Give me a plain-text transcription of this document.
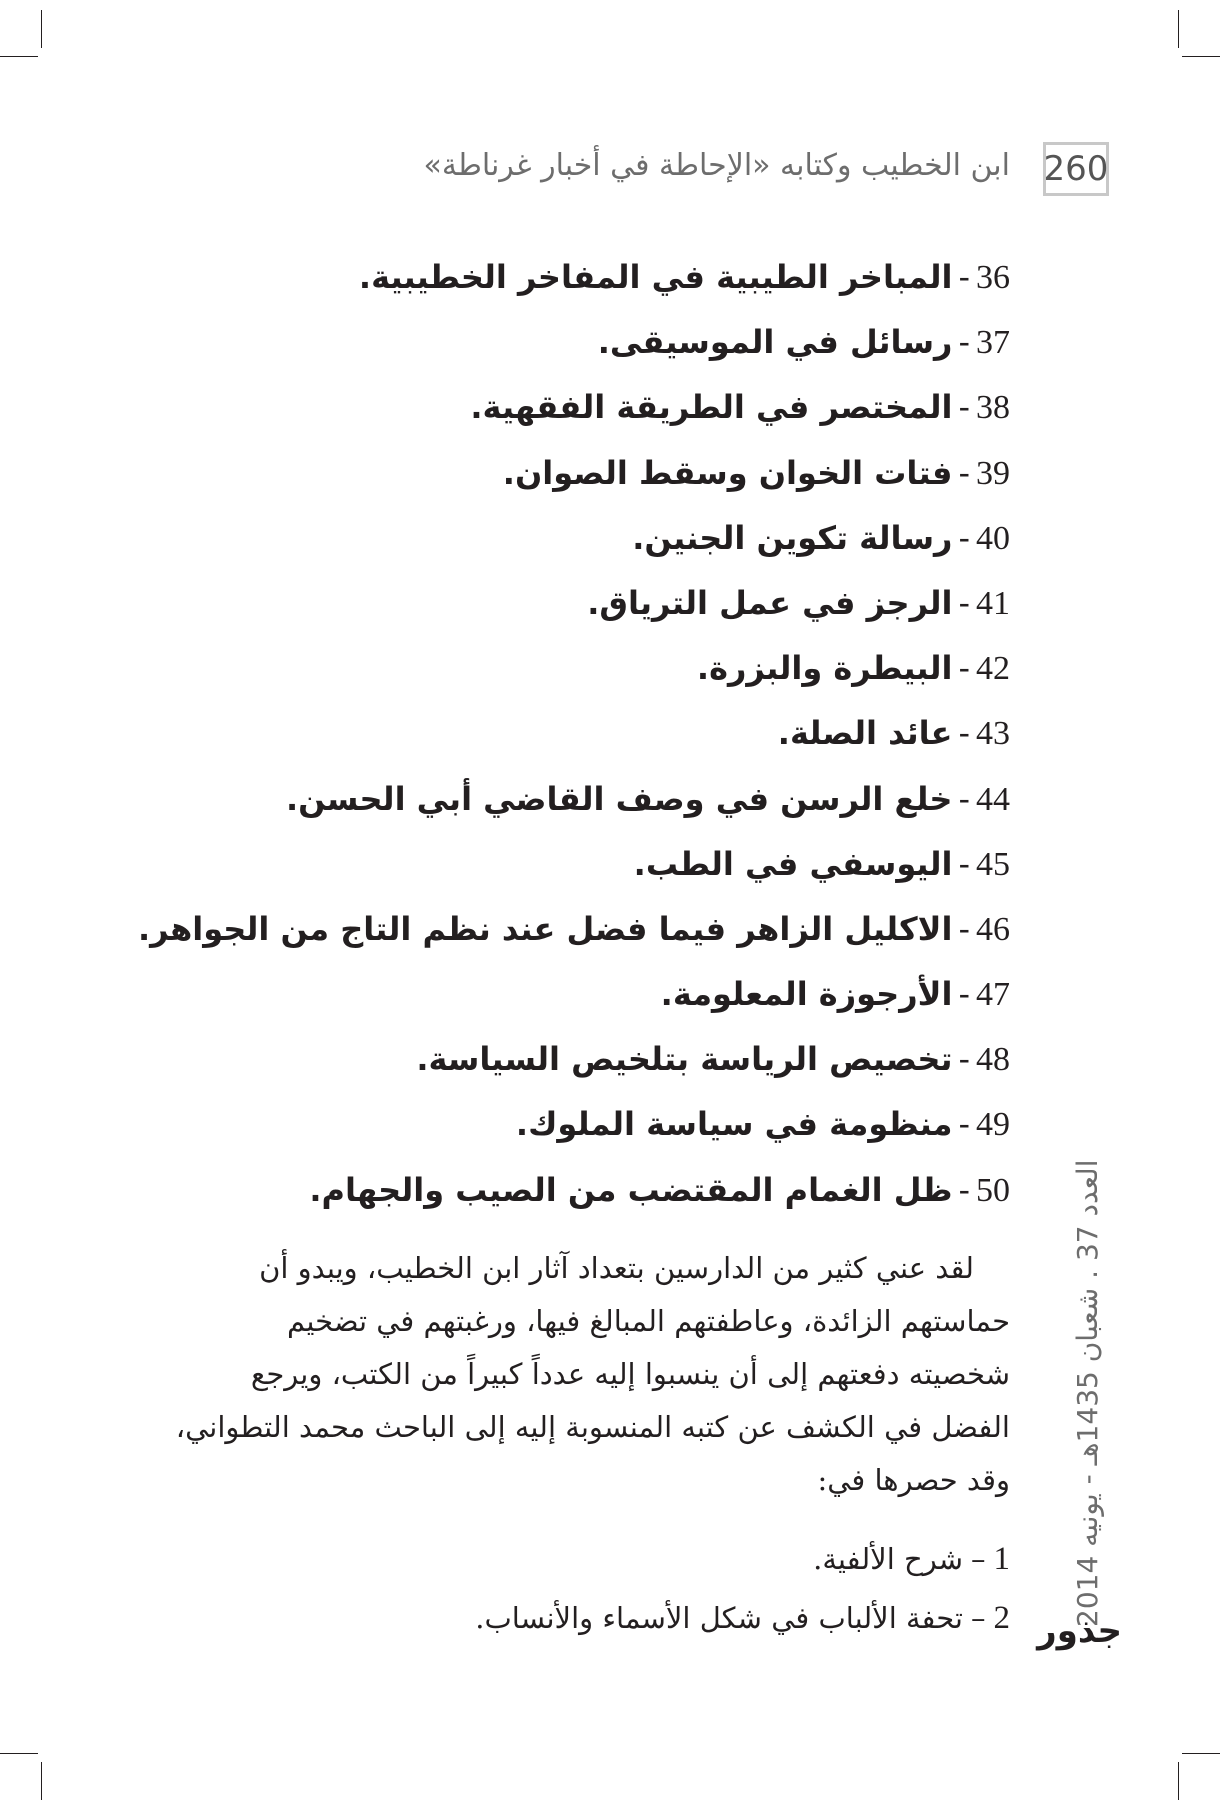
260
ابن الخطيب وكتابه «الإحاطة في أخبار غرناطة»
36-المباخر الطيبية في المفاخر الخطيبية.
37-رسائل في الموسيقى.
38-المختصر في الطريقة الفقهية.
39-فتات الخوان وسقط الصوان.
40-رسالة تكوين الجنين.
41-الرجز في عمل الترياق.
42-البيطرة والبزرة.
43-عائد الصلة.
44-خلع الرسن في وصف القاضي أبي الحسن.
45-اليوسفي في الطب.
46-الاكليل الزاهر فيما فضل عند نظم التاج من الجواهر.
47-الأرجوزة المعلومة.
48-تخصيص الرياسة بتلخيص السياسة.
49-منظومة في سياسة الملوك.
50-ظل الغمام المقتضب من الصيب والجهام.

لقد عني كثير من الدارسين بتعداد آثار ابن الخطيب، ويبدو أن
حماستهم الزائدة، وعاطفتهم المبالغ فيها، ورغبتهم في تضخيم
شخصيته دفعتهم إلى أن ينسبوا إليه عدداً كبيراً من الكتب، ويرجع
الفضل في الكشف عن كتبه المنسوبة إليه إلى الباحث محمد التطواني،
وقد حصرها في:

1–شرح الألفية.
2–تحفة الألباب في شكل الأسماء والأنساب.	العدد 37 . شعبان 1435هـ - يونيه 2014
جذور
